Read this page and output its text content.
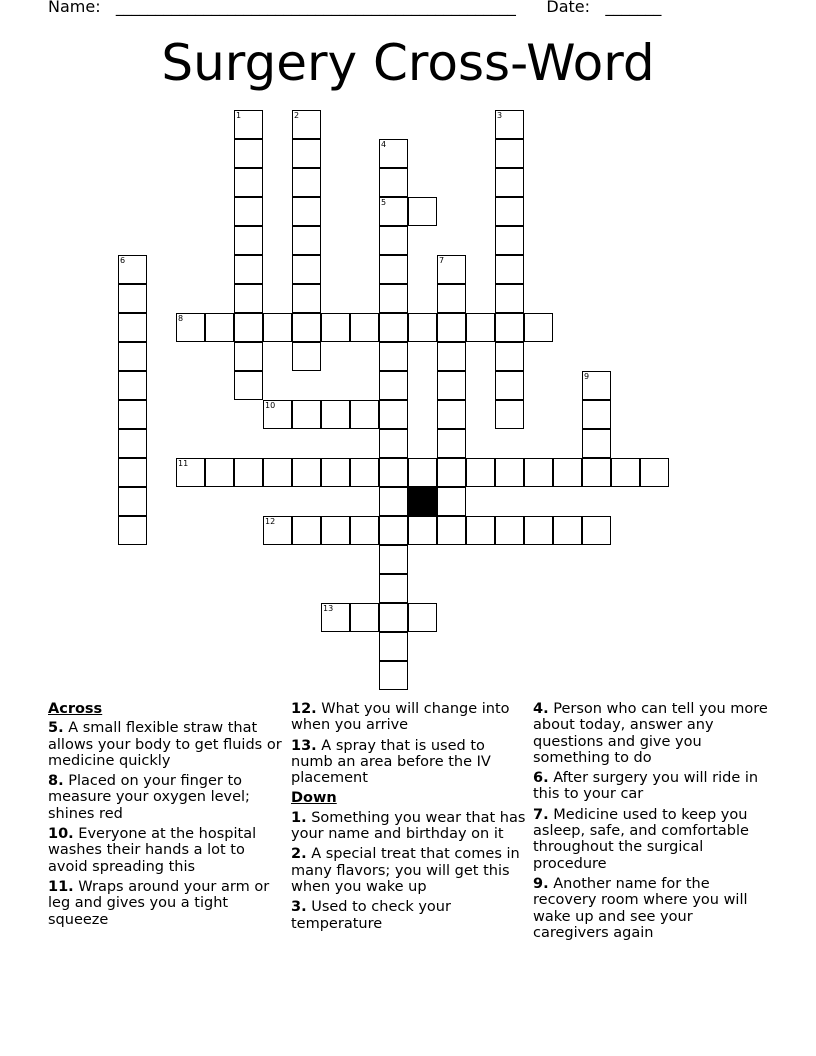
Name: __________________________________________________ Date: _______
Surgery Cross-Word
1	2	3
4
5
6	7
8
9
10
11
12
13
Across
5. A small flexible straw that allows your body to get fluids or medicine quickly
8. Placed on your finger to measure your oxygen level; shines red
10. Everyone at the hospital washes their hands a lot to avoid spreading this
11. Wraps around your arm or leg and gives you a tight squeeze
12. What you will change into when you arrive
13. A spray that is used to numb an area before the IV placement
Down
1. Something you wear that has your name and birthday on it
2. A special treat that comes in many flavors; you will get this when you wake up
3. Used to check your temperature
4. Person who can tell you more about today, answer any questions and give you something to do
6. After surgery you will ride in this to your car
7. Medicine used to keep you asleep, safe, and comfortable throughout the surgical procedure
9. Another name for the recovery room where you will wake up and see your caregivers again
